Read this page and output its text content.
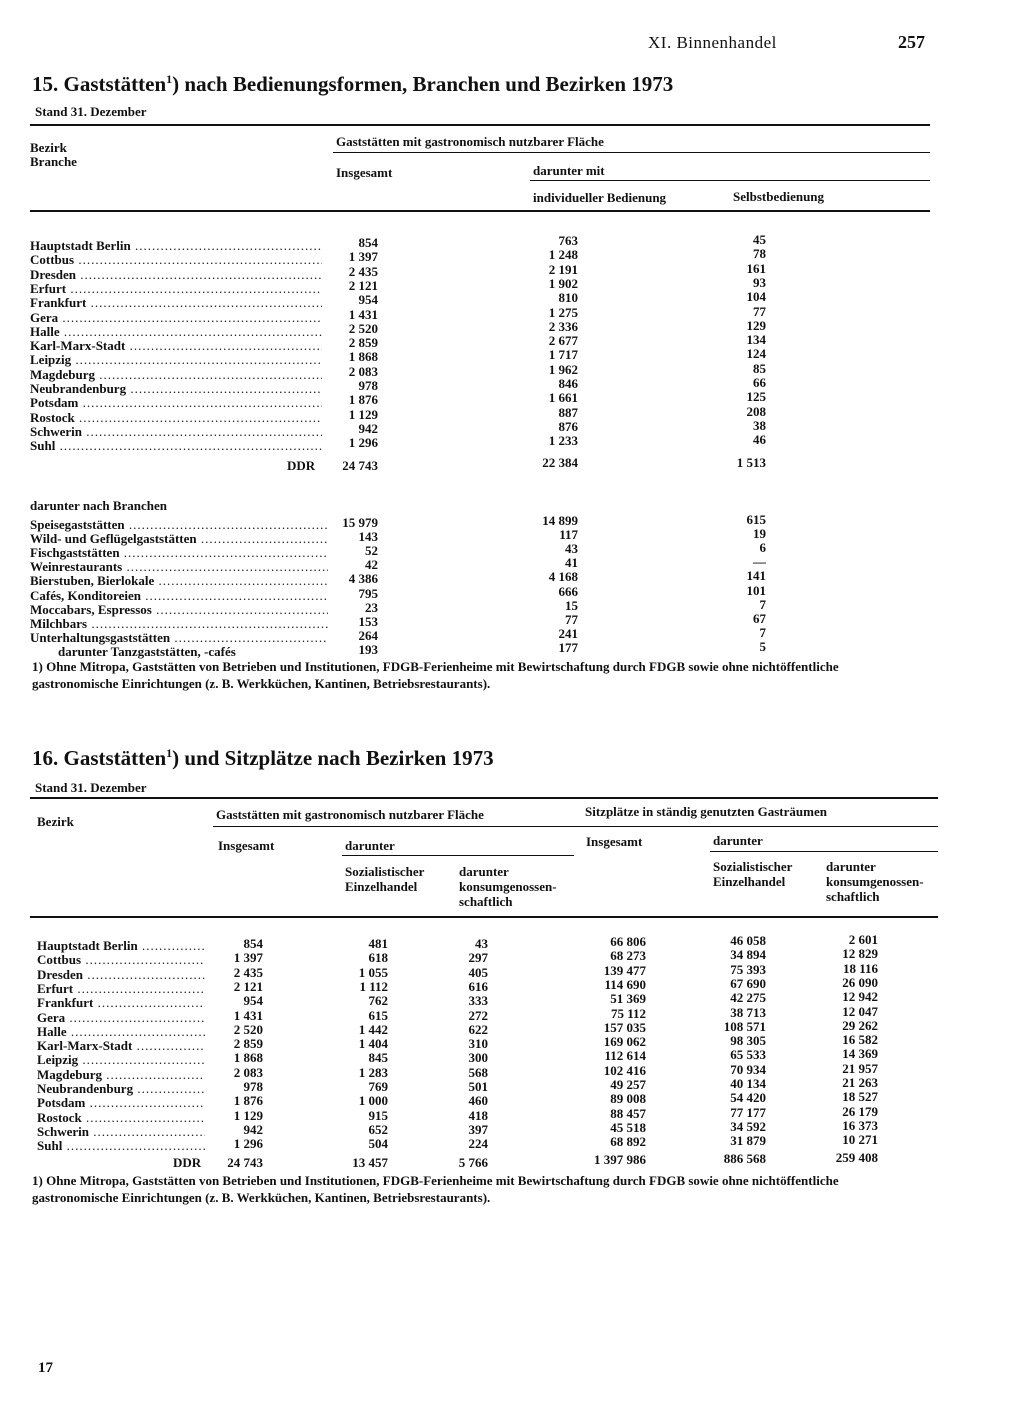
XI. Binnenhandel	257
15. Gaststätten$^1$) nach Bedienungsformen, Branchen und Bezirken 1973
Stand 31. Dezember
Bezirk
Branche
Gaststätten mit gastronomisch nutzbarer Fläche
Insgesamt	darunter mit
individueller Bedienung	Selbstbedienung
Hauptstadt Berlin .....	854	763	45
Cottbus .....	1 397	1 248	78
Dresden .....	2 435	2 191	161
Erfurt .....	2 121	1 902	93
Frankfurt .....	954	810	104
Gera .....	1 431	1 275	77
Halle .....	2 520	2 336	129
Karl-Marx-Stadt .....	2 859	2 677	134
Leipzig .....	1 868	1 717	124
Magdeburg .....	2 083	1 962	85
Neubrandenburg .....	978	846	66
Potsdam .....	1 876	1 661	125
Rostock .....	1 129	887	208
Schwerin .....	942	876	38
Suhl .....	1 296	1 233	46
DDR	24 743	22 384	1 513
darunter nach Branchen
Speisegaststätten .....	15 979	14 899	615
Wild- und Geflügelgaststätten .....	143	117	19
Fischgaststätten .....	52	43	6
Weinrestaurants .....	42	41	—
Bierstuben, Bierlokale .....	4 386	4 168	141
Cafés, Konditoreien .....	795	666	101
Moccabars, Espressos .....	23	15	7
Milchbars .....	153	77	67
Unterhaltungsgaststätten .....	264	241	7
darunter Tanzgaststätten, -cafés	193	177	5
1) Ohne Mitropa, Gaststätten von Betrieben und Institutionen, FDGB-Ferienheime mit Bewirtschaftung durch FDGB sowie ohne nichtöffentliche
gastronomische Einrichtungen (z. B. Werkküchen, Kantinen, Betriebsrestaurants).
16. Gaststätten$^1$) und Sitzplätze nach Bezirken 1973
Stand 31. Dezember
Bezirk	Gaststätten mit gastronomisch nutzbarer Fläche	Sitzplätze in ständig genutzten Gasträumen
Insgesamt	darunter	Insgesamt	darunter
Sozialistischer
Einzelhandel
darunter
konsumgenossen-
schaftlich
Sozialistischer
Einzelhandel
darunter
konsumgenossen-
schaftlich
Hauptstadt Berlin .....	854	481	43	66 806	46 058	2 601
Cottbus .....	1 397	618	297	68 273	34 894	12 829
Dresden .....	2 435	1 055	405	139 477	75 393	18 116
Erfurt .....	2 121	1 112	616	114 690	67 690	26 090
Frankfurt .....	954	762	333	51 369	42 275	12 942
Gera .....	1 431	615	272	75 112	38 713	12 047
Halle .....	2 520	1 442	622	157 035	108 571	29 262
Karl-Marx-Stadt .....	2 859	1 404	310	169 062	98 305	16 582
Leipzig .....	1 868	845	300	112 614	65 533	14 369
Magdeburg .....	2 083	1 283	568	102 416	70 934	21 957
Neubrandenburg .....	978	769	501	49 257	40 134	21 263
Potsdam .....	1 876	1 000	460	89 008	54 420	18 527
Rostock .....	1 129	915	418	88 457	77 177	26 179
Schwerin .....	942	652	397	45 518	34 592	16 373
Suhl .....	1 296	504	224	68 892	31 879	10 271
DDR	24 743	13 457	5 766	1 397 986	886 568	259 408
1) Ohne Mitropa, Gaststätten von Betrieben und Institutionen, FDGB-Ferienheime mit Bewirtschaftung durch FDGB sowie ohne nichtöffentliche
gastronomische Einrichtungen (z. B. Werkküchen, Kantinen, Betriebsrestaurants).
17
